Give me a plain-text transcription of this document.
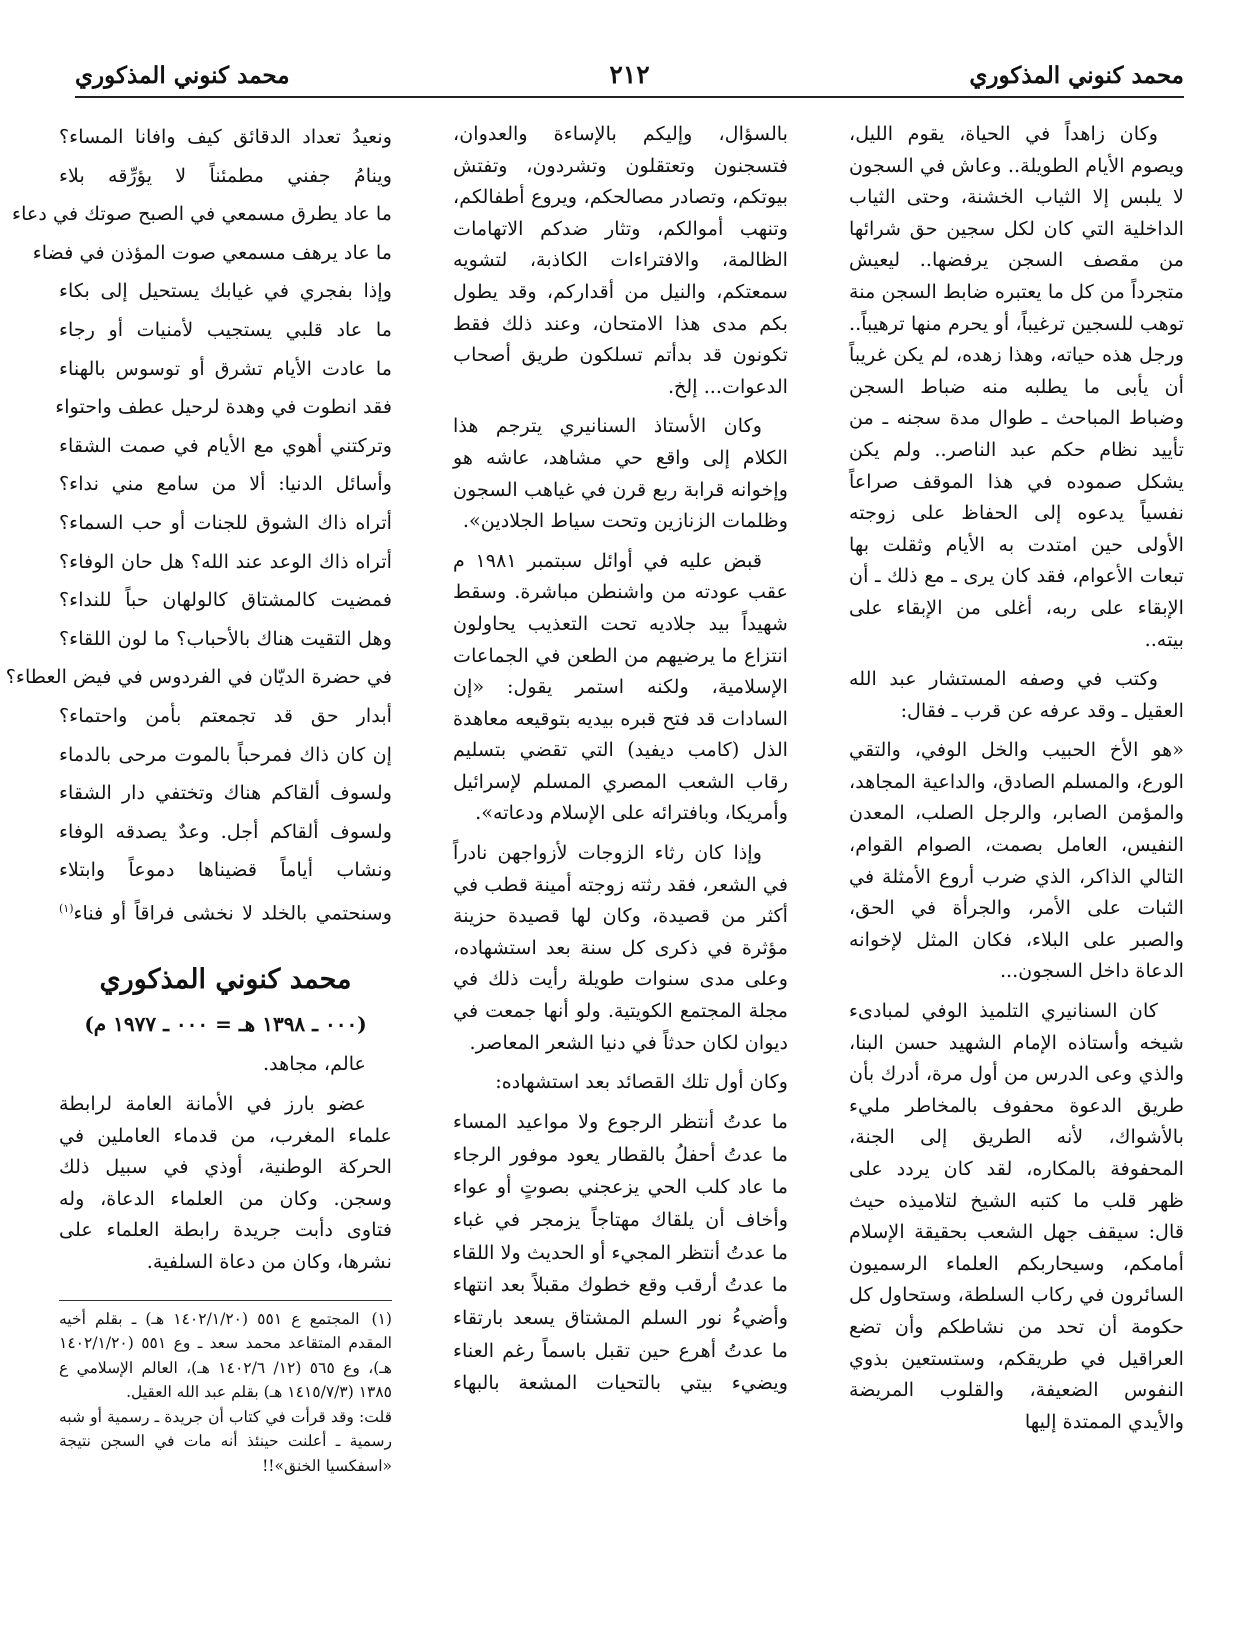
محمد كنوني المذكوري
٢١٢
محمد كنوني المذكوري

وكان زاهداً في الحياة، يقوم الليل، ويصوم الأيام الطويلة.. وعاش في السجون لا يلبس إلا الثياب الخشنة، وحتى الثياب الداخلية التي كان لكل سجين حق شرائها من مقصف السجن يرفضها.. ليعيش متجرداً من كل ما يعتبره ضابط السجن منة توهب للسجين ترغيباً، أو يحرم منها ترهيباً.. ورجل هذه حياته، وهذا زهده، لم يكن غريباً أن يأبى ما يطلبه منه ضباط السجن وضباط المباحث ـ طوال مدة سجنه ـ من تأييد نظام حكم عبد الناصر.. ولم يكن يشكل صموده في هذا الموقف صراعاً نفسياً يدعوه إلى الحفاظ على زوجته الأولى حين امتدت به الأيام وثقلت بها تبعات الأعوام، فقد كان يرى ـ مع ذلك ـ أن الإبقاء على ربه، أغلى من الإبقاء على بيته..

وكتب في وصفه المستشار عبد الله العقيل ـ وقد عرفه عن قرب ـ فقال:

«هو الأخ الحبيب والخل الوفي، والتقي الورع، والمسلم الصادق، والداعية المجاهد، والمؤمن الصابر، والرجل الصلب، المعدن النفيس، العامل بصمت، الصوام القوام، التالي الذاكر، الذي ضرب أروع الأمثلة في الثبات على الأمر، والجرأة في الحق، والصبر على البلاء، فكان المثل لإخوانه الدعاة داخل السجون...

كان السنانيري التلميذ الوفي لمبادىء شيخه وأستاذه الإمام الشهيد حسن البنا، والذي وعى الدرس من أول مرة، أدرك بأن طريق الدعوة محفوف بالمخاطر مليء بالأشواك، لأنه الطريق إلى الجنة، المحفوفة بالمكاره، لقد كان يردد على ظهر قلب ما كتبه الشيخ لتلاميذه حيث قال: سيقف جهل الشعب بحقيقة الإسلام أمامكم، وسيحاربكم العلماء الرسميون السائرون في ركاب السلطة، وستحاول كل حكومة أن تحد من نشاطكم وأن تضع العراقيل في طريقكم، وستستعين بذوي النفوس الضعيفة، والقلوب المريضة والأيدي الممتدة إليها

بالسؤال، وإليكم بالإساءة والعدوان، فتسجنون وتعتقلون وتشردون، وتفتش بيوتكم، وتصادر مصالحكم، ويروع أطفالكم، وتنهب أموالكم، وتثار ضدكم الاتهامات الظالمة، والافتراءات الكاذبة، لتشويه سمعتكم، والنيل من أقداركم، وقد يطول بكم مدى هذا الامتحان، وعند ذلك فقط تكونون قد بدأتم تسلكون طريق أصحاب الدعوات... إلخ.

وكان الأستاذ السنانيري يترجم هذا الكلام إلى واقع حي مشاهد، عاشه هو وإخوانه قرابة ربع قرن في غياهب السجون وظلمات الزنازين وتحت سياط الجلادين».

قبض عليه في أوائل سبتمبر ١٩٨١ م عقب عودته من واشنطن مباشرة. وسقط شهيداً بيد جلاديه تحت التعذيب يحاولون انتزاع ما يرضيهم من الطعن في الجماعات الإسلامية، ولكنه استمر يقول: «إن السادات قد فتح قبره بيديه بتوقيعه معاهدة الذل (كامب ديفيد) التي تقضي بتسليم رقاب الشعب المصري المسلم لإسرائيل وأمريكا، وبافترائه على الإسلام ودعاته».

وإذا كان رثاء الزوجات لأزواجهن نادراً في الشعر، فقد رثته زوجته أمينة قطب في أكثر من قصيدة، وكان لها قصيدة حزينة مؤثرة في ذكرى كل سنة بعد استشهاده، وعلى مدى سنوات طويلة رأيت ذلك في مجلة المجتمع الكويتية. ولو أنها جمعت في ديوان لكان حدثاً في دنيا الشعر المعاصر.

وكان أول تلك القصائد بعد استشهاده:

ما عدتُ أنتظر الرجوع ولا مواعيد المساء
ما عدتُ أحفلُ بالقطار يعود موفور الرجاء
ما عاد كلب الحي يزعجني بصوتٍ أو عواء
وأخاف أن يلقاك مهتاجاً يزمجر في غباء
ما عدتُ أنتظر المجيء أو الحديث ولا اللقاء
ما عدتُ أرقب وقع خطوك مقبلاً بعد انتهاء
وأضيءُ نور السلم المشتاق يسعد بارتقاء
ما عدتُ أهرع حين تقبل باسماً رغم العناء
ويضيء بيتي بالتحيات المشعة بالبهاء
ونعيدُ تعداد الدقائق كيف وافانا المساء؟
وينامُ جفني مطمئناً لا يؤرِّقه بلاء
ما عاد يطرق مسمعي في الصبح صوتك في دعاء
ما عاد يرهف مسمعي صوت المؤذن في فضاء
وإذا بفجري في غيابك يستحيل إلى بكاء
ما عاد قلبي يستجيب لأمنيات أو رجاء
ما عادت الأيام تشرق أو توسوس بالهناء
فقد انطوت في وهدة لرحيل عطف واحتواء
وتركتني أهوي مع الأيام في صمت الشقاء
وأسائل الدنيا: ألا من سامع مني نداء؟
أتراه ذاك الشوق للجنات أو حب السماء؟
أتراه ذاك الوعد عند الله؟ هل حان الوفاء؟
فمضيت كالمشتاق كالولهان حباً للنداء؟
وهل التقيت هناك بالأحباب؟ ما لون اللقاء؟
في حضرة الديّان في الفردوس في فيض العطاء؟
أبدار حق قد تجمعتم بأمن واحتماء؟
إن كان ذاك فمرحباً بالموت مرحى بالدماء
ولسوف ألقاكم هناك وتختفي دار الشقاء
ولسوف ألقاكم أجل. وعدٌ يصدقه الوفاء
ونشاب أياماً قضيناها دموعاً وابتلاء
وسنحتمي بالخلد لا نخشى فراقاً أو فناء$^{(١)}$
محمد كنوني المذكوري
(٠٠٠ ـ ١٣٩٨ هـ = ٠٠٠ ـ ١٩٧٧ م)

عالم، مجاهد.

عضو بارز في الأمانة العامة لرابطة علماء المغرب، من قدماء العاملين في الحركة الوطنية، أوذي في سبيل ذلك وسجن. وكان من العلماء الدعاة، وله فتاوى دأبت جريدة رابطة العلماء على نشرها، وكان من دعاة السلفية.

(١)المجتمع ع ٥٥١ (١٤٠٢/١/٢٠ هـ) ـ بقلم أخيه المقدم المتقاعد محمد سعد ـ وع ٥٥١ (١٤٠٢/١/٢٠ هـ)، وع ٥٦٥ (١٢/ ١٤٠٢/٦ هـ)، العالم الإسلامي ع ١٣٨٥ (١٤١٥/٧/٣ هـ) بقلم عبد الله العقيل.

قلت: وقد قرأت في كتاب أن جريدة ـ رسمية أو شبه رسمية ـ أعلنت حينئذ أنه مات في السجن نتيجة «اسفكسيا الخنق»!!
